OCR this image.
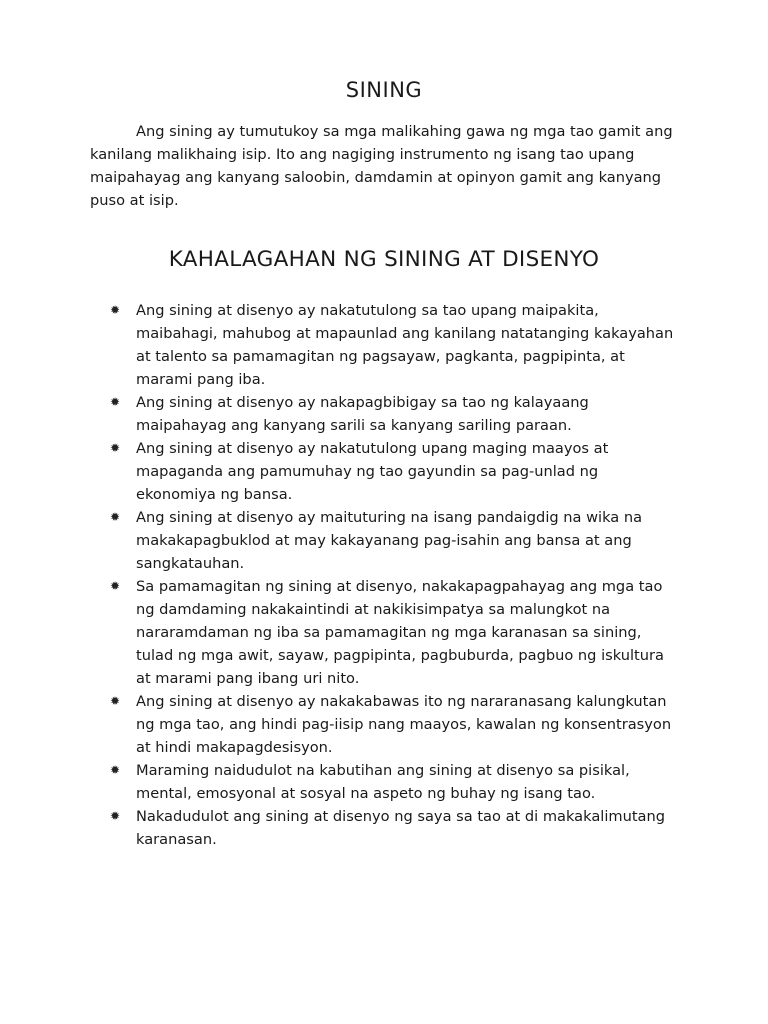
SINING

Ang sining ay tumutukoy sa mga malikahing gawa ng mga tao gamit ang kanilang malikhaing isip. Ito ang nagiging instrumento ng isang tao upang maipahayag ang kanyang saloobin, damdamin at opinyon gamit ang kanyang puso at isip.

KAHALAGAHAN NG SINING AT DISENYO
✹ Ang sining at disenyo ay nakatutulong sa tao upang maipakita, maibahagi, mahubog at mapaunlad ang kanilang natatanging kakayahan at talento sa pamamagitan ng pagsayaw, pagkanta, pagpipinta, at marami pang iba.
✹ Ang sining at disenyo ay nakapagbibigay sa tao ng kalayaang maipahayag ang kanyang sarili sa kanyang sariling paraan.
✹ Ang sining at disenyo ay nakatutulong upang maging maayos at mapaganda ang pamumuhay ng tao gayundin sa pag-unlad ng ekonomiya ng bansa.
✹ Ang sining at disenyo ay maituturing na isang pandaigdig na wika na makakapagbuklod at may kakayanang pag-isahin ang bansa at ang sangkatauhan.
✹ Sa pamamagitan ng sining at disenyo, nakakapagpahayag ang mga tao ng damdaming nakakaintindi at nakikisimpatya sa malungkot na nararamdaman ng iba sa pamamagitan ng mga karanasan sa sining, tulad ng mga awit, sayaw, pagpipinta, pagbuburda, pagbuo ng iskultura at marami pang ibang uri nito.
✹ Ang sining at disenyo ay nakakabawas ito ng nararanasang kalungkutan ng mga tao, ang hindi pag-iisip nang maayos, kawalan ng konsentrasyon at hindi makapagdesisyon.
✹ Maraming naidudulot na kabutihan ang sining at disenyo sa pisikal, mental, emosyonal at sosyal na aspeto ng buhay ng isang tao.
✹ Nakadudulot ang sining at disenyo ng saya sa tao at di makakalimutang karanasan.
